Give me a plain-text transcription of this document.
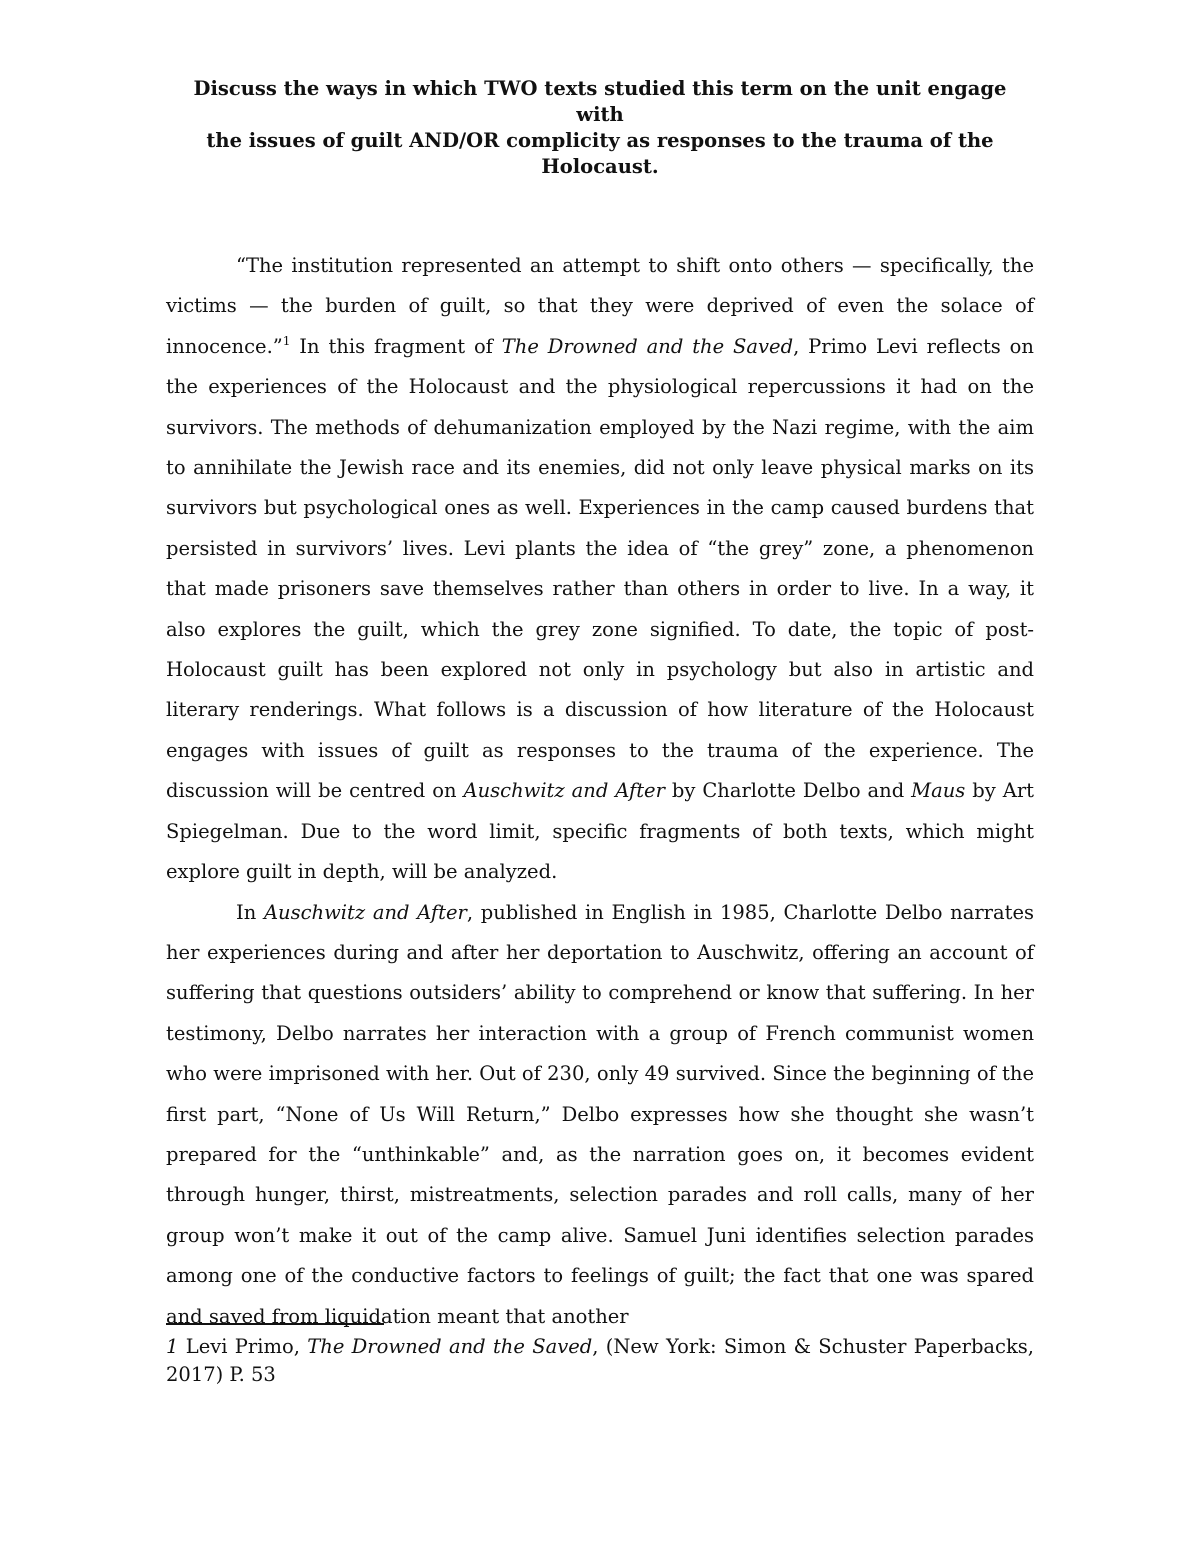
Discuss the ways in which TWO texts studied this term on the unit engage with
the issues of guilt AND/OR complicity as responses to the trauma of the
Holocaust.

“The institution represented an attempt to shift onto others — specifically, the victims — the burden of guilt, so that they were deprived of even the solace of innocence.”$^1$ In this fragment of The Drowned and the Saved, Primo Levi reflects on the experiences of the Holocaust and the physiological repercussions it had on the survivors. The methods of dehumanization employed by the Nazi regime, with the aim to annihilate the Jewish race and its enemies, did not only leave physical marks on its survivors but psychological ones as well. Experiences in the camp caused burdens that persisted in survivors’ lives. Levi plants the idea of “the grey” zone, a phenomenon that made prisoners save themselves rather than others in order to live. In a way, it also explores the guilt, which the grey zone signified. To date, the topic of post-Holocaust guilt has been explored not only in psychology but also in artistic and literary renderings. What follows is a discussion of how literature of the Holocaust engages with issues of guilt as responses to the trauma of the experience. The discussion will be centred on Auschwitz and After by Charlotte Delbo and Maus by Art Spiegelman. Due to the word limit, specific fragments of both texts, which might explore guilt in depth, will be analyzed.

In Auschwitz and After, published in English in 1985, Charlotte Delbo narrates her experiences during and after her deportation to Auschwitz, offering an account of suffering that questions outsiders’ ability to comprehend or know that suffering. In her testimony, Delbo narrates her interaction with a group of French communist women who were imprisoned with her. Out of 230, only 49 survived. Since the beginning of the first part, “None of Us Will Return,” Delbo expresses how she thought she wasn’t prepared for the “unthinkable” and, as the narration goes on, it becomes evident through hunger, thirst, mistreatments, selection parades and roll calls, many of her group won’t make it out of the camp alive. Samuel Juni identifies selection parades among one of the conductive factors to feelings of guilt; the fact that one was spared and saved from liquidation meant that another

1 Levi Primo, The Drowned and the Saved, (New York: Simon & Schuster Paperbacks, 2017) P. 53
